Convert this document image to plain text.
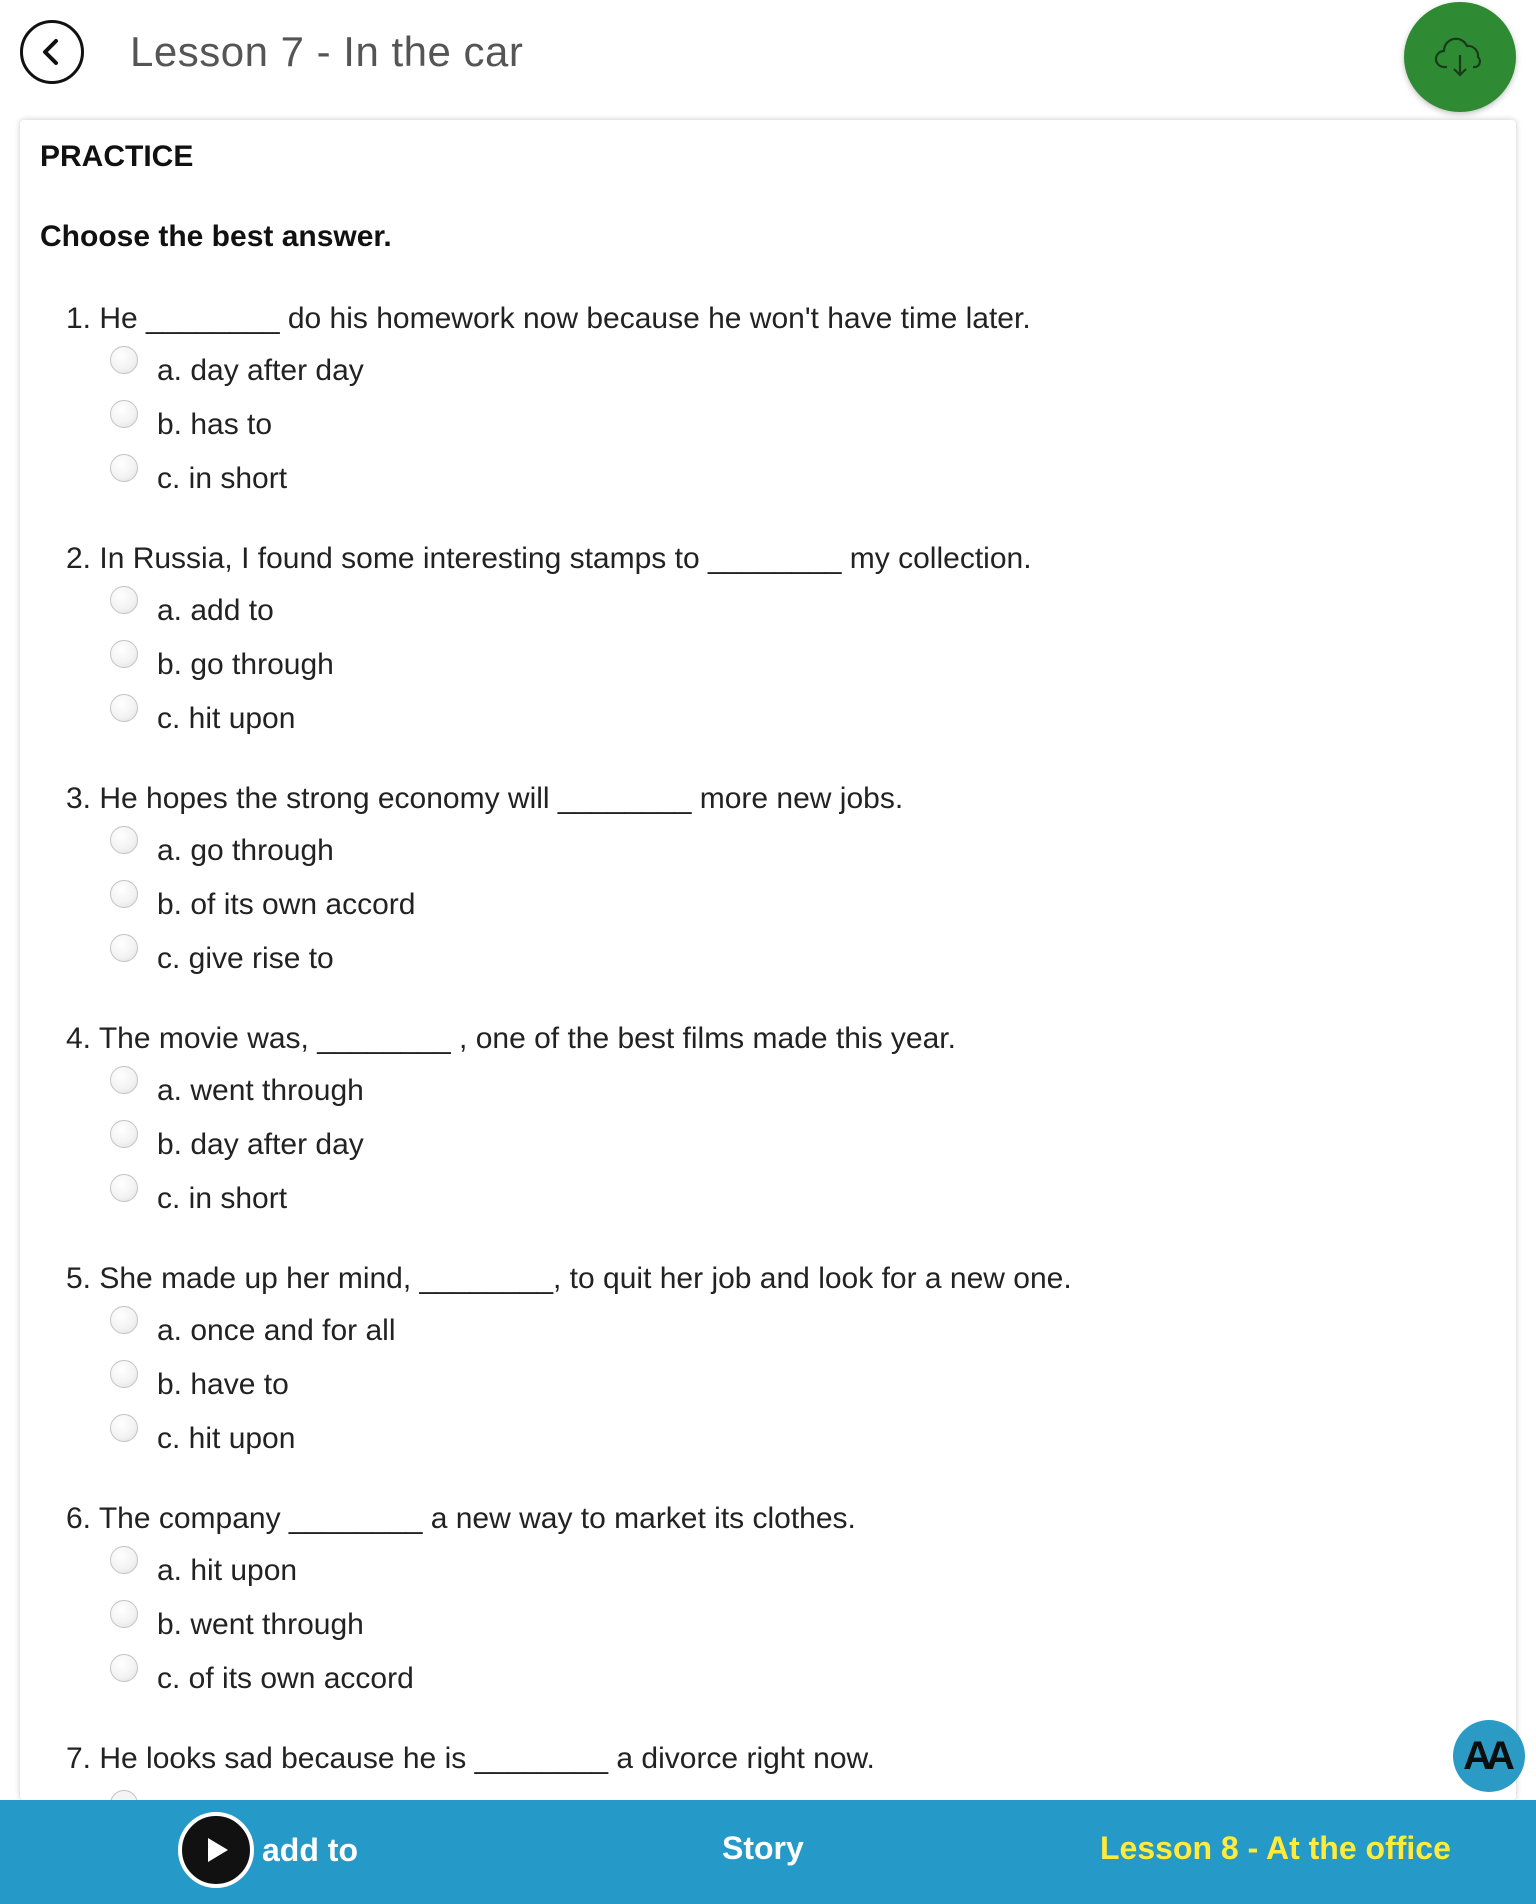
Lesson 7 - In the car
PRACTICE
Choose the best answer.
1. He ________ do his homework now because he won't have time later.
a. day after day
b. has to
c. in short
2. In Russia, I found some interesting stamps to ________ my collection.
a. add to
b. go through
c. hit upon
3. He hopes the strong economy will ________ more new jobs.
a. go through
b. of its own accord
c. give rise to
4. The movie was, ________ , one of the best films made this year.
a. went through
b. day after day
c. in short
5. She made up her mind, ________, to quit her job and look for a new one.
a. once and for all
b. have to
c. hit upon
6. The company ________ a new way to market its clothes.
a. hit upon
b. went through
c. of its own accord
7. He looks sad because he is ________ a divorce right now.	AA
add to	Story	Lesson 8 - At the office
